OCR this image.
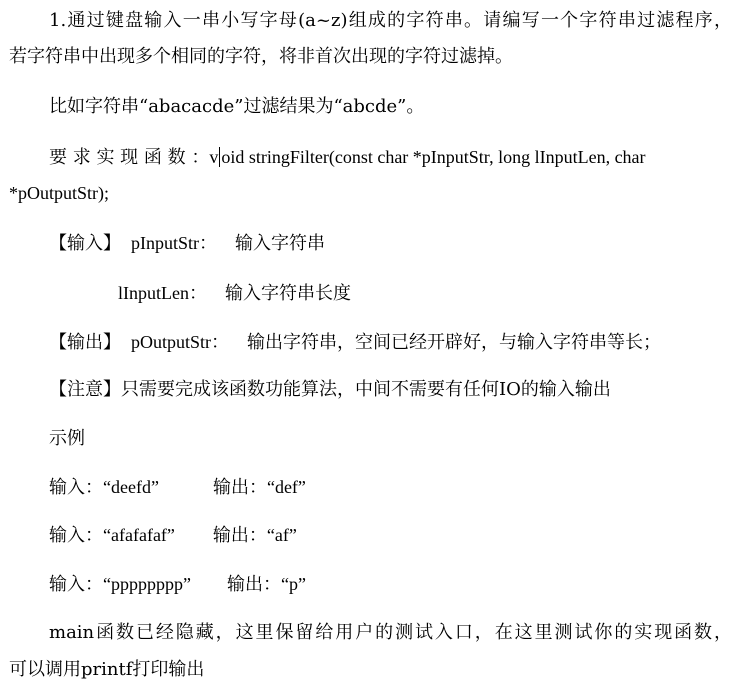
1.通过键盘输入一串小写字母(a~z)组成的字符串。请编写一个字符串过滤程序，
若字符串中出现多个相同的字符，将非首次出现的字符过滤掉。
比如字符串“abacacde”过滤结果为“abcde”。
要 求 实 现 函 数 ：v oid stringFilter(const char *pInputStr, long lInputLen, char
*pOutputStr);
【输入】 pInputStr： 输入字符串
lInputLen： 输入字符串长度
【输出】 pOutputStr： 输出字符串，空间已经开辟好，与输入字符串等长；
【注意】只需要完成该函数功能算法，中间不需要有任何IO的输入输出
示例
输入：“deefd”	输出：“def”
输入：“afafafaf” 输出：“af”
输入：“pppppppp” 输出：“p”
main函数已经隐藏，这里保留给用户的测试入口，在这里测试你的实现函数，
可以调用printf打印输出
